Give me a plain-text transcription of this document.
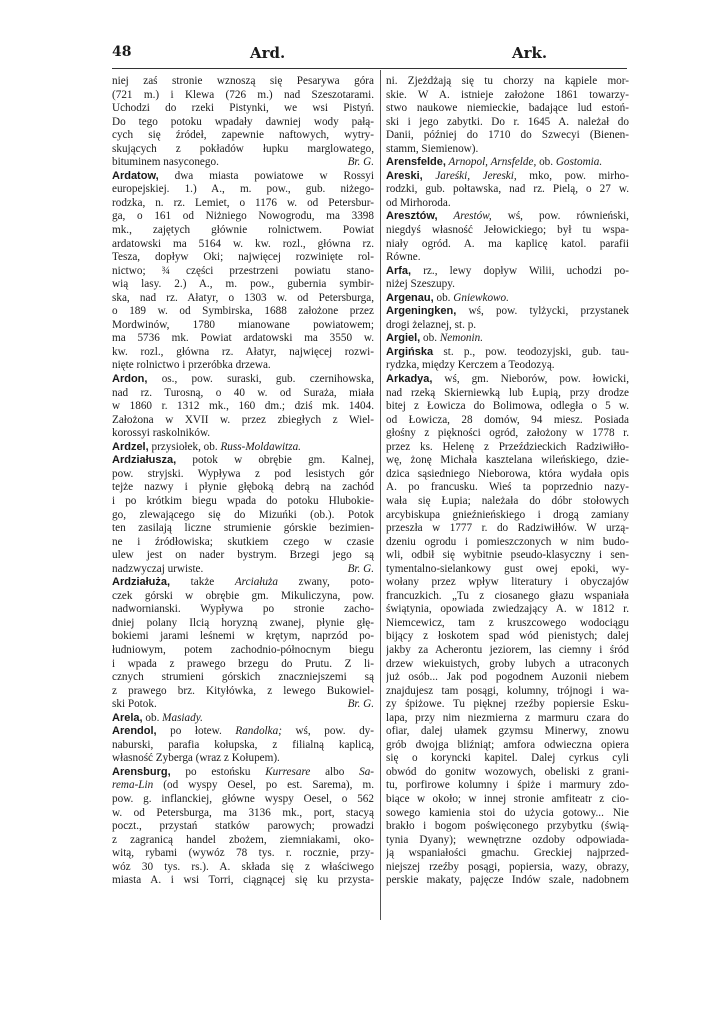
48	Ard.	Ark.
niej zaś stronie wznoszą się Pesarywa góra
(721 m.) i Klewa (726 m.) nad Szeszotarami.
Uchodzi do rzeki Pistynki, we wsi Pistyń.
Do tego potoku wpadały dawniej wody pałą-
cych się źródeł, zapewnie naftowych, wytry-
skujących z pokładów łupku marglowatego,
bituminem nasyconego.	Br. G.
Ardatow, dwa miasta powiatowe w Rossyi
europejskiej. 1.) A., m. pow., gub. niżego-
rodzka, n. rz. Lemiet, o 1176 w. od Petersbur-
ga, o 161 od Niżniego Nowogrodu, ma 3398
mk., zajętych głównie rolnictwem. Powiat
ardatowski ma 5164 w. kw. rozl., główna rz.
Tesza, dopływ Oki; najwięcej rozwinięte rol-
nictwo; ¾ części przestrzeni powiatu stano-
wią lasy. 2.) A., m. pow., gubernia symbir-
ska, nad rz. Ałatyr, o 1303 w. od Petersburga,
o 189 w. od Symbirska, 1688 założone przez
Mordwinów, 1780 mianowane powiatowem;
ma 5736 mk. Powiat ardatowski ma 3550 w.
kw. rozl., główna rz. Ałatyr, najwięcej rozwi-
nięte rolnictwo i przeróbka drzewa.
Ardon, os., pow. suraski, gub. czernihowska,
nad rz. Turosną, o 40 w. od Suraża, miała
w 1860 r. 1312 mk., 160 dm.; dziś mk. 1404.
Założona w XVII w. przez zbiegłych z Wiel-
korossyi raskolników.
Ardzel, przysiołek, ob. Russ-Moldawitza.
Ardziałusza, potok w obrębie gm. Kalnej,
pow. stryjski. Wypływa z pod lesistych gór
tejże nazwy i płynie głęboką debrą na zachód
i po krótkim biegu wpada do potoku Hlubokie-
go, zlewającego się do Mizuńki (ob.). Potok
ten zasilają liczne strumienie górskie bezimien-
ne i źródłowiska; skutkiem czego w czasie
ulew jest on nader bystrym. Brzegi jego są
nadzwyczaj urwiste.	Br. G.
Ardziałuża, także Arciałuża zwany, poto-
czek górski w obrębie gm. Mikuliczyna, pow.
nadwornianski. Wypływa po stronie zacho-
dniej polany Ilcią horyzną zwanej, płynie głę-
bokiemi jarami leśnemi w krętym, naprzód po-
łudniowym, potem zachodnio-północnym biegu
i wpada z prawego brzegu do Prutu. Z li-
cznych strumieni górskich znaczniejszemi są
z prawego brz. Kityłówka, z lewego Bukowiel-
ski Potok.	Br. G.
Arela, ob. Masiady.
Arendol, po łotew. Randolka; wś, pow. dy-
naburski, parafia kołupska, z filialną kaplicą,
własność Zyberga (wraz z Kołupem).
Arensburg, po estońsku Kurresare albo Sa-
rema-Lin (od wyspy Oesel, po est. Sarema), m.
pow. g. inflanckiej, główne wyspy Oesel, o 562
w. od Petersburga, ma 3136 mk., port, stacyą
poczt., przystań statków parowych; prowadzi
z zagranicą handel zbożem, ziemniakami, oko-
witą, rybami (wywóz 78 tys. r. rocznie, przy-
wóz 30 tys. rs.). A. składa się z właściwego
miasta A. i wsi Torri, ciągnącej się ku przysta-
ni. Zjeżdżają się tu chorzy na kąpiele mor-
skie. W A. istnieje założone 1861 towarzy-
stwo naukowe niemieckie, badające lud estoń-
ski i jego zabytki. Do r. 1645 A. należał do
Danii, później do 1710 do Szwecyi (Bienen-
stamm, Siemienow).
Arensfelde, Arnopol, Arnsfelde, ob. Gostomia.
Areski, Jareśki, Jereski, mko, pow. mirho-
rodzki, gub. połtawska, nad rz. Pielą, o 27 w.
od Mirhoroda.
Aresztów, Arestów, wś, pow. równieński,
niegdyś własność Jełowickiego; był tu wspa-
niały ogród. A. ma kaplicę katol. parafii
Równe.
Arfa, rz., lewy dopływ Wilii, uchodzi po-
niżej Szeszupy.
Argenau, ob. Gniewkowo.
Argeningken, wś, pow. tylżycki, przystanek
drogi żelaznej, st. p.
Argiel, ob. Nemonin.
Argińska st. p., pow. teodozyjski, gub. tau-
rydzka, między Kerczem a Teodozyą.
Arkadya, wś, gm. Nieborów, pow. łowicki,
nad rzeką Skierniewką lub Łupią, przy drodze
bitej z Łowicza do Bolimowa, odległa o 5 w.
od Łowicza, 28 domów, 94 miesz. Posiada
głośny z piękności ogród, założony w 1778 r.
przez ks. Helenę z Przeździeckich Radziwiłło-
wę, żonę Michała kasztelana wileńskiego, dzie-
dzica sąsiedniego Nieborowa, która wydała opis
A. po francusku. Wieś ta poprzednio nazy-
wała się Łupia; należała do dóbr stołowych
arcybiskupa gnieźnieńskiego i drogą zamiany
przeszła w 1777 r. do Radziwiłłów. W urzą-
dzeniu ogrodu i pomieszczonych w nim budo-
wli, odbił się wybitnie pseudo-klasyczny i sen-
tymentalno-sielankowy gust owej epoki, wy-
wołany przez wpływ literatury i obyczajów
francuzkich. „Tu z ciosanego głazu wspaniała
świątynia, opowiada zwiedzający A. w 1812 r.
Niemcewicz, tam z kruszcowego wodociągu
bijący z łoskotem spad wód pienistych; dalej
jakby za Acherontu jeziorem, las ciemny i śród
drzew wiekuistych, groby lubych a utraconych
już osób... Jak pod pogodnem Auzonii niebem
znajdujesz tam posągi, kolumny, trójnogi i wa-
zy śpiżowe. Tu pięknej rzeźby popiersie Esku-
lapa, przy nim niezmierna z marmuru czara do
ofiar, dalej ułamek gzymsu Minerwy, znowu
grób dwojga bliźniąt; amfora odwieczna opiera
się o koryncki kapitel. Dalej cyrkus cyli
obwód do gonitw wozowych, obeliski z grani-
tu, porfirowe kolumny i śpiże i marmury zdo-
biące w około; w innej stronie amfiteatr z cio-
sowego kamienia stoi do użycia gotowy... Nie
brakło i bogom poświęconego przybytku (świą-
tynia Dyany); wewnętrzne ozdoby odpowiada-
ją wspaniałości gmachu. Greckiej najprzed-
niejszej rzeźby posągi, popiersia, wazy, obrazy,
perskie makaty, pajęcze Indów szale, nadobnem
